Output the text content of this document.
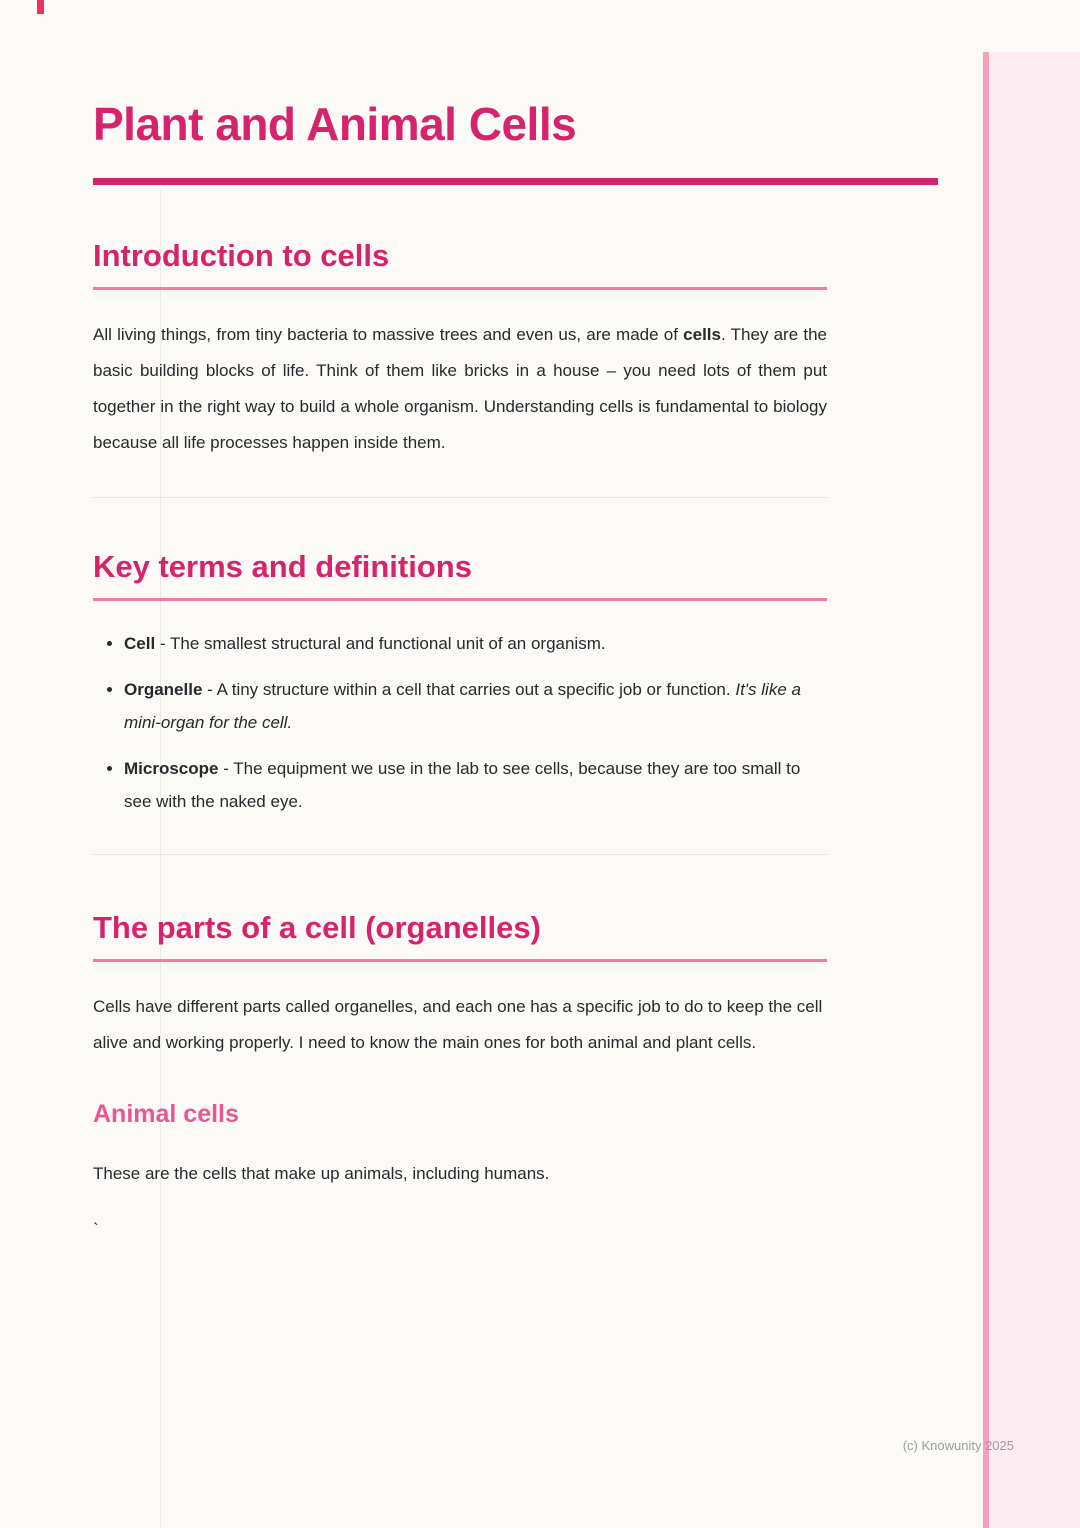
Plant and Animal Cells
Introduction to cells

All living things, from tiny bacteria to massive trees and even us, are made of cells. They are the basic building blocks of life. Think of them like bricks in a house – you need lots of them put together in the right way to build a whole organism. Understanding cells is fundamental to biology because all life processes happen inside them.

Key terms and definitions
• Cell - The smallest structural and functional unit of an organism.
• Organelle - A tiny structure within a cell that carries out a specific job or function. It's like a mini-organ for the cell.
• Microscope - The equipment we use in the lab to see cells, because they are too small to see with the naked eye.
The parts of a cell (organelles)

Cells have different parts called organelles, and each one has a specific job to do to keep the cell alive and working properly. I need to know the main ones for both animal and plant cells.

Animal cells

These are the cells that make up animals, including humans.

`

(c) Knowunity 2025
